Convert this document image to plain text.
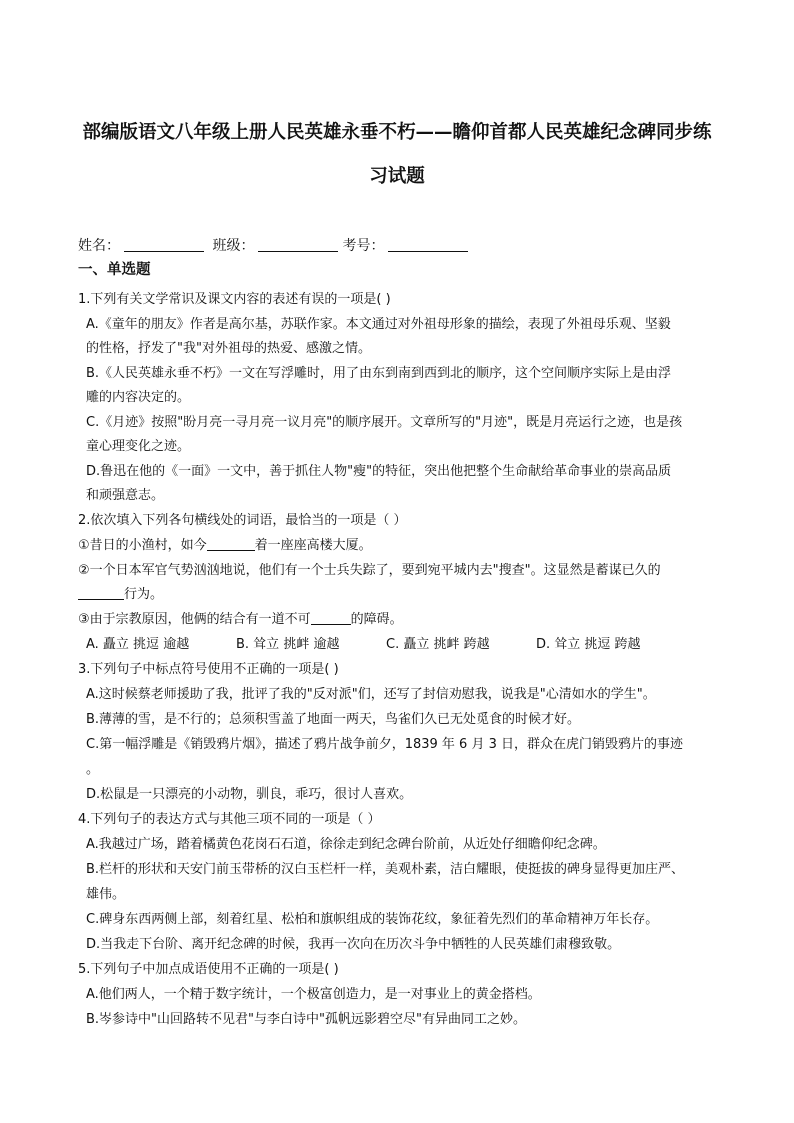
部编版语文八年级上册人民英雄永垂不朽——瞻仰首都人民英雄纪念碑同步练
习试题
姓名：	班级：	考号：
一、单选题
1.下列有关文学常识及课文内容的表述有误的一项是( )
A.《童年的朋友》作者是高尔基，苏联作家。本文通过对外祖母形象的描绘，表现了外祖母乐观、坚毅
的性格，抒发了"我"对外祖母的热爱、感激之情。
B.《人民英雄永垂不朽》一文在写浮雕时，用了由东到南到西到北的顺序，这个空间顺序实际上是由浮
雕的内容决定的。
C.《月迹》按照"盼月亮一寻月亮一议月亮"的顺序展开。文章所写的"月迹"，既是月亮运行之迹，也是孩
童心理变化之迹。
D.鲁迅在他的《一面》一文中，善于抓住人物"瘦"的特征，突出他把整个生命献给革命事业的崇高品质
和顽强意志。
2.依次填入下列各句横线处的词语，最恰当的一项是（ ）
①昔日的小渔村，如今	着一座座高楼大厦。
②一个日本军官气势汹汹地说，他们有一个士兵失踪了，要到宛平城内去"搜查"。这显然是蓄谋已久的
行为。
③由于宗教原因，他俩的结合有一道不可	的障碍。
A. 矗立 挑逗 逾越	B. 耸立 挑衅 逾越	C. 矗立 挑衅 跨越	D. 耸立 挑逗 跨越
3.下列句子中标点符号使用不正确的一项是( )
A.这时候蔡老师援助了我，批评了我的"反对派"们，还写了封信劝慰我，说我是"心清如水的学生"。
B.薄薄的雪，是不行的；总须积雪盖了地面一两天，鸟雀们久已无处觅食的时候才好。
C.第一幅浮雕是《销毁鸦片烟》，描述了鸦片战争前夕，1839 年 6 月 3 日，群众在虎门销毁鸦片的事迹
。
D.松鼠是一只漂亮的小动物，驯良，乖巧，很讨人喜欢。
4.下列句子的表达方式与其他三项不同的一项是（ ）
A.我越过广场，踏着橘黄色花岗石石道，徐徐走到纪念碑台阶前，从近处仔细瞻仰纪念碑。
B.栏杆的形状和天安门前玉带桥的汉白玉栏杆一样，美观朴素，洁白耀眼，使挺拔的碑身显得更加庄严、
雄伟。
C.碑身东西两侧上部，刻着红星、松柏和旗帜组成的装饰花纹，象征着先烈们的革命精神万年长存。
D.当我走下台阶、离开纪念碑的时候，我再一次向在历次斗争中牺牲的人民英雄们肃穆致敬。
5.下列句子中加点成语使用不正确的一项是( )
A.他们两人，一个精于数字统计，一个极富创造力，是一对事业上的黄金搭档。
B.岑参诗中"山回路转不见君"与李白诗中"孤帆远影碧空尽"有异曲同工之妙。
